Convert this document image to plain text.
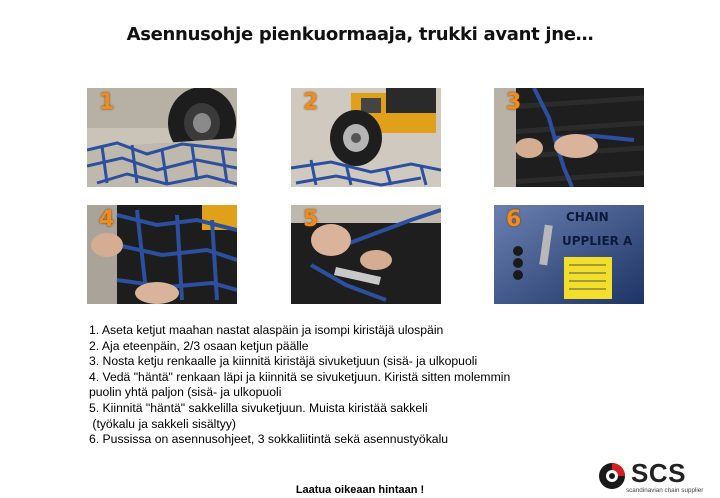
Asennusohje pienkuormaaja, trukki avant jne…
1	2	3
4	5	CHAIN
UPPLIER A
6
1. Aseta ketjut maahan nastat alaspäin ja isompi kiristäjä ulospäin
2. Aja eteenpäin, 2/3 osaan ketjun päälle
3. Nosta ketju renkaalle ja kiinnitä kiristäjä sivuketjuun (sisä- ja ulkopuoli
4. Vedä "häntä" renkaan läpi ja kiinnitä se sivuketjuun. Kiristä sitten molemmin
puolin yhtä paljon (sisä- ja ulkopuoli
5. Kiinnitä "häntä" sakkelilla sivuketjuun. Muista kiristää sakkeli
(työkalu ja sakkeli sisältyy)
6. Pussissa on asennusohjeet, 3 sokkaliitintä sekä asennustyökalu
Laatua oikeaan hintaan !
SCS
scandinavian chain supplier
